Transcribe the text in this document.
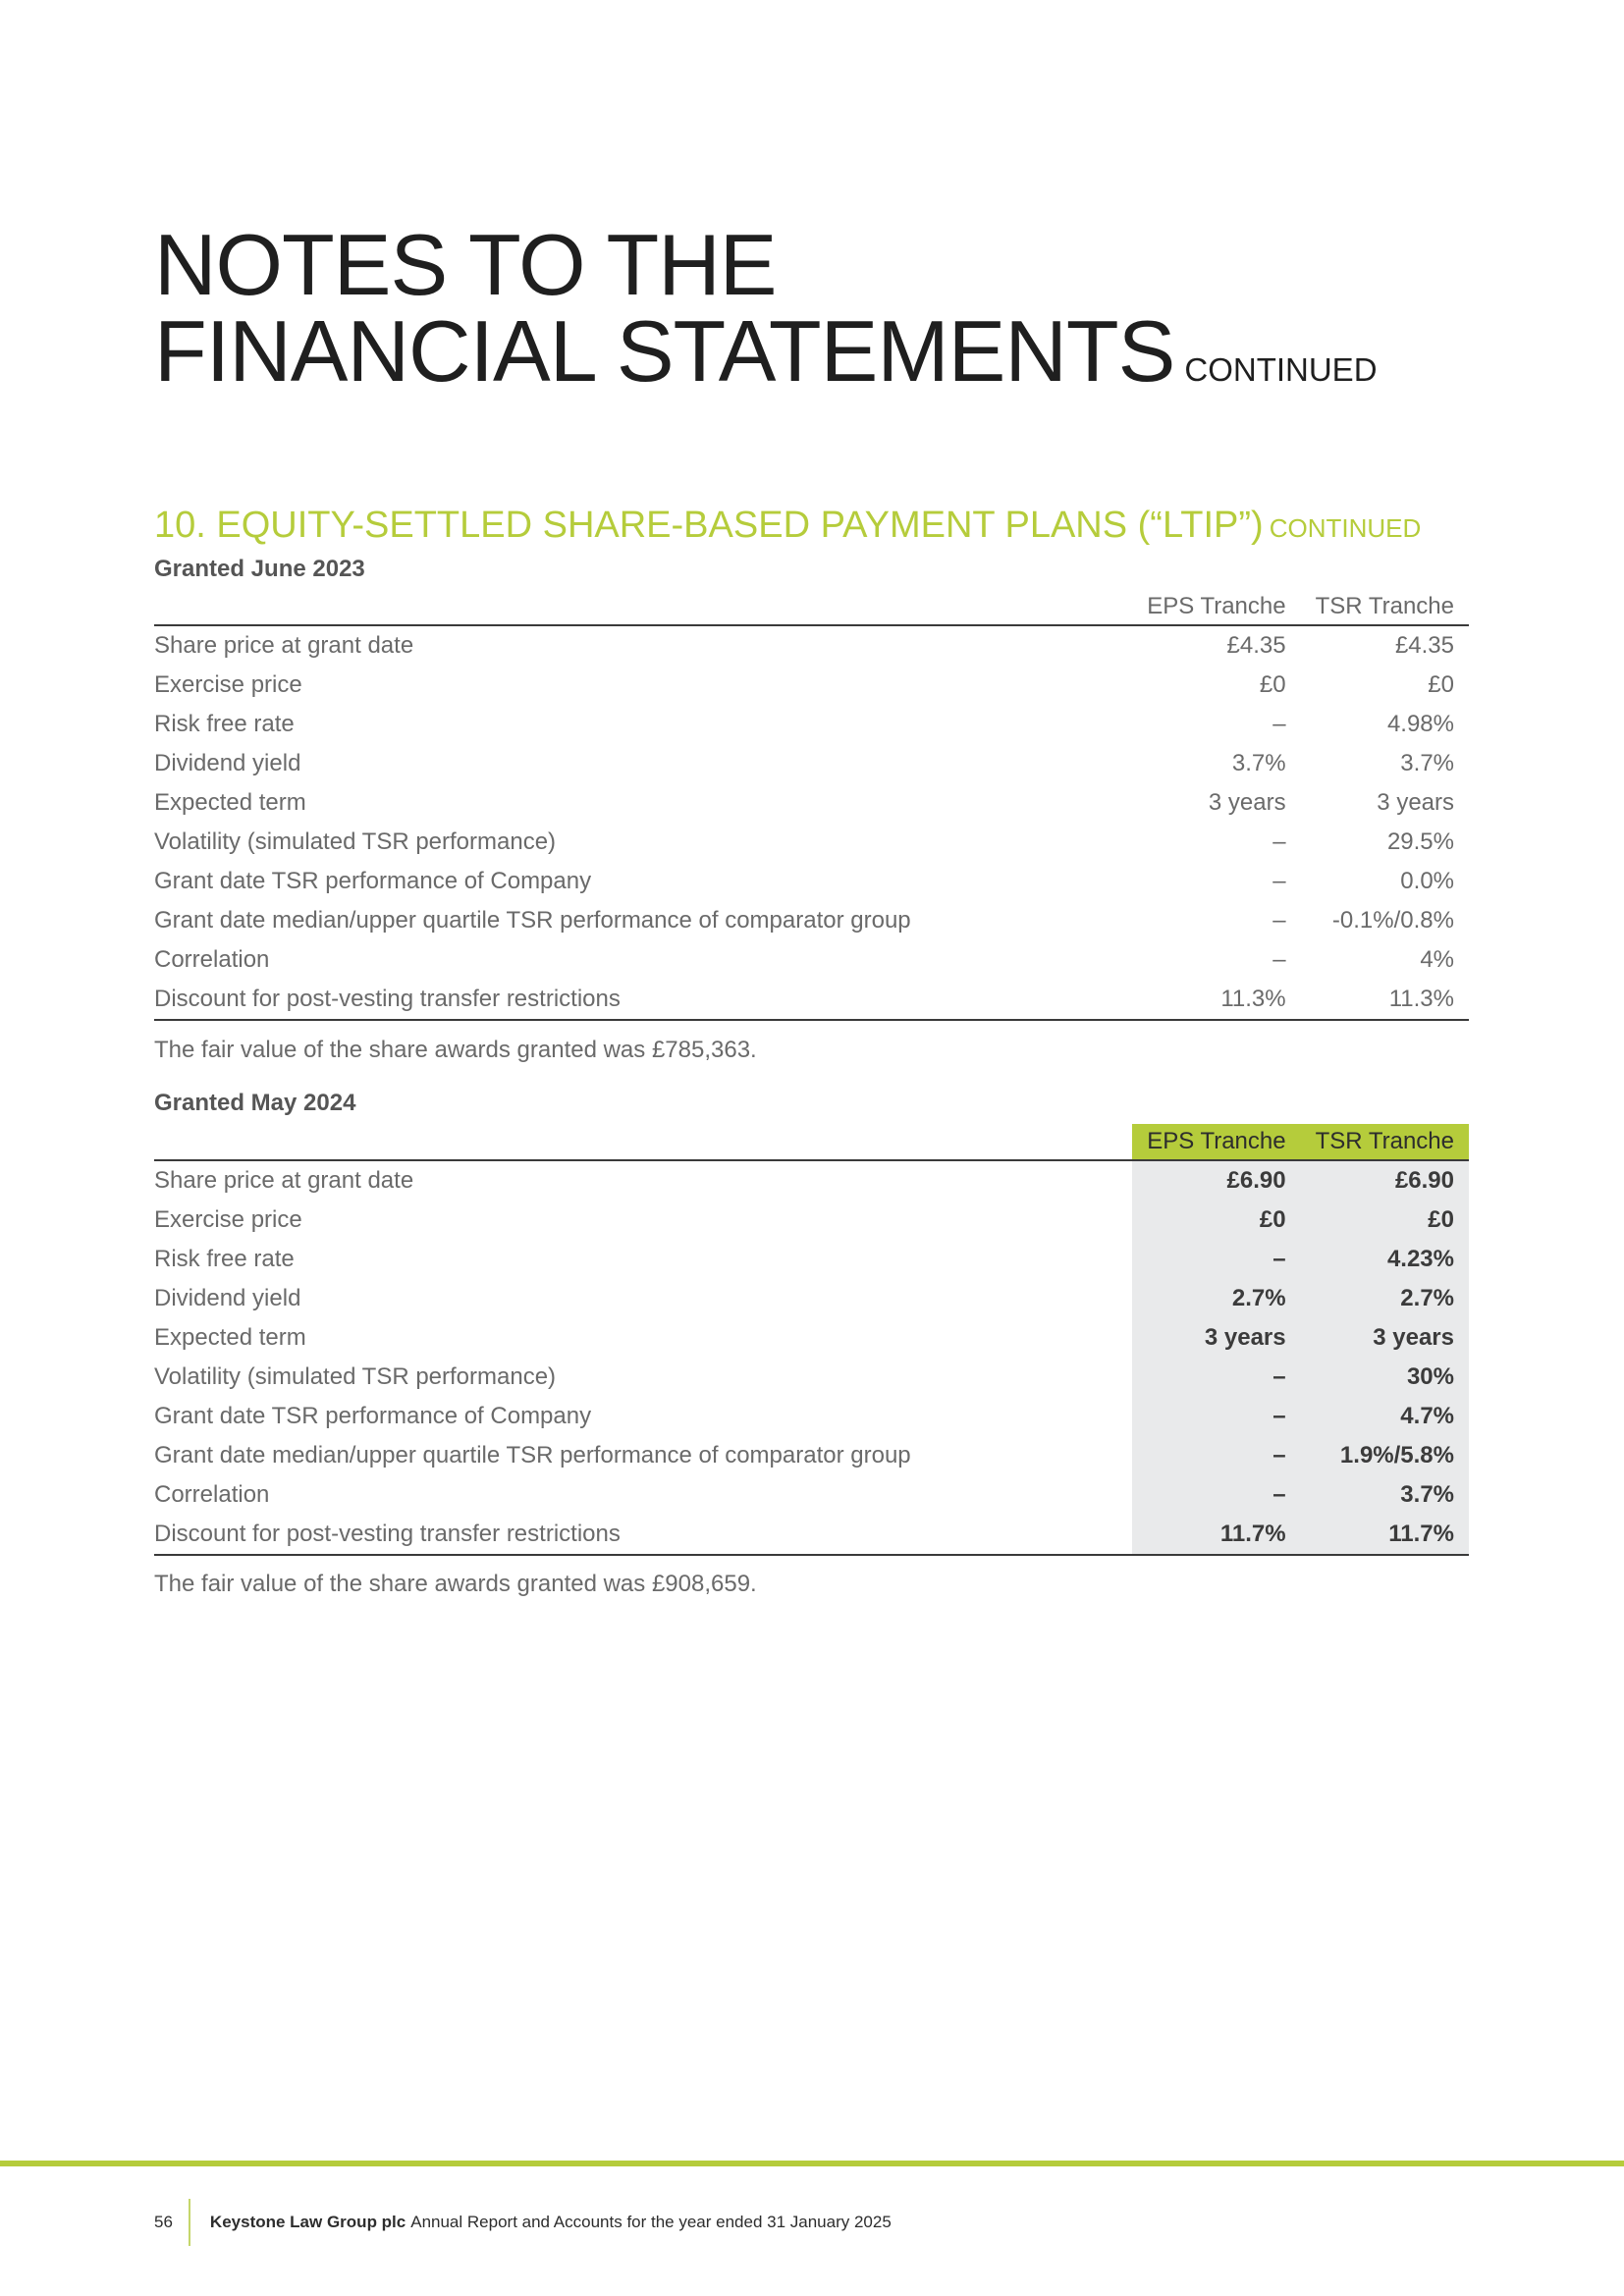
NOTES TO THE
FINANCIAL STATEMENTS CONTINUED
10. EQUITY-SETTLED SHARE-BASED PAYMENT PLANS (“LTIP”) CONTINUED
Granted June 2023
	EPS Tranche	TSR Tranche
Share price at grant date	£4.35	£4.35
Exercise price	£0	£0
Risk free rate	–	4.98%
Dividend yield	3.7%	3.7%
Expected term	3 years	3 years
Volatility (simulated TSR performance)	–	29.5%
Grant date TSR performance of Company	–	0.0%
Grant date median/upper quartile TSR performance of comparator group	–	-0.1%/0.8%
Correlation	–	4%
Discount for post-vesting transfer restrictions	11.3%	11.3%

The fair value of the share awards granted was £785,363.

Granted May 2024
	EPS Tranche	TSR Tranche
Share price at grant date	£6.90	£6.90
Exercise price	£0	£0
Risk free rate	–	4.23%
Dividend yield	2.7%	2.7%
Expected term	3 years	3 years
Volatility (simulated TSR performance)	–	30%
Grant date TSR performance of Company	–	4.7%
Grant date median/upper quartile TSR performance of comparator group	–	1.9%/5.8%
Correlation	–	3.7%
Discount for post-vesting transfer restrictions	11.7%	11.7%

The fair value of the share awards granted was £908,659.

56	Keystone Law Group plc Annual Report and Accounts for the year ended 31 January 2025
